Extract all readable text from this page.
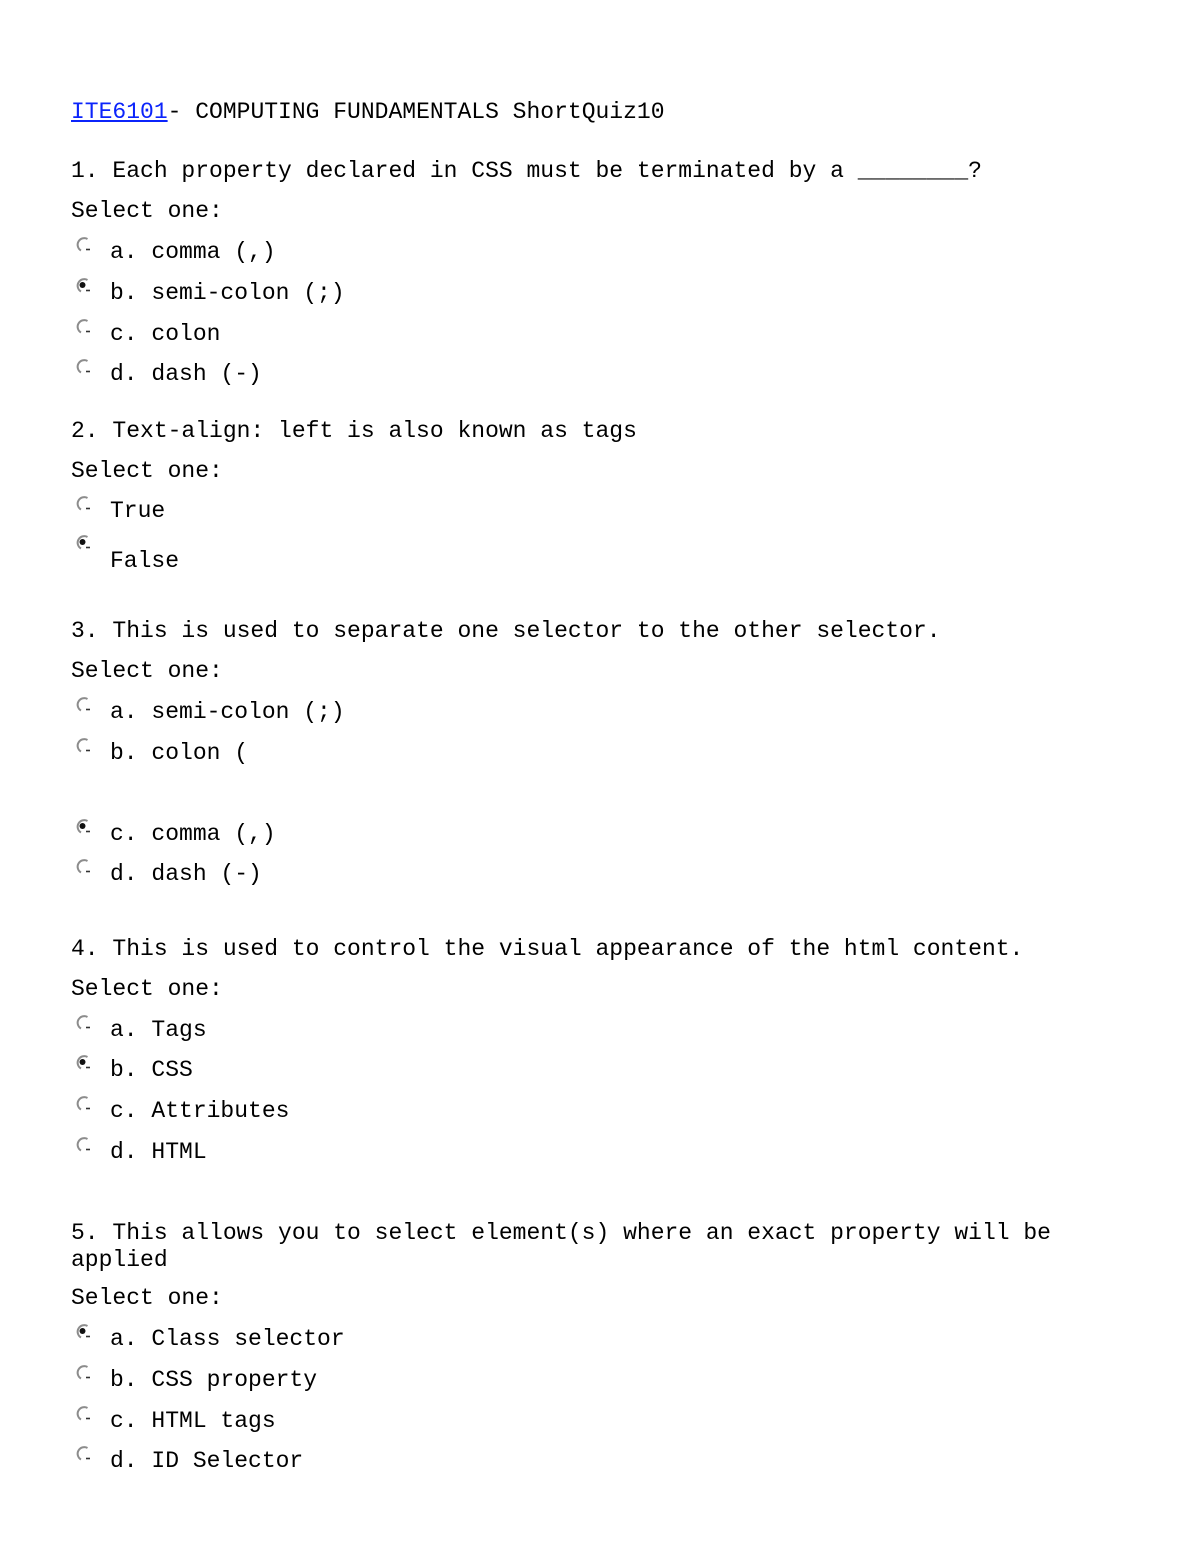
ITE6101- COMPUTING FUNDAMENTALS ShortQuiz10
1. Each property declared in CSS must be terminated by a ________?
Select one:
a. comma (,)
b. semi-colon (;)
c. colon
d. dash (-)
2. Text-align: left is also known as tags
Select one:
True
False
3. This is used to separate one selector to the other selector.
Select one:
a. semi-colon (;)
b. colon (
c. comma (,)
d. dash (-)
4. This is used to control the visual appearance of the html content.
Select one:
a. Tags
b. CSS
c. Attributes
d. HTML
5. This allows you to select element(s) where an exact property will be applied
Select one:
a. Class selector
b. CSS property
c. HTML tags
d. ID Selector
